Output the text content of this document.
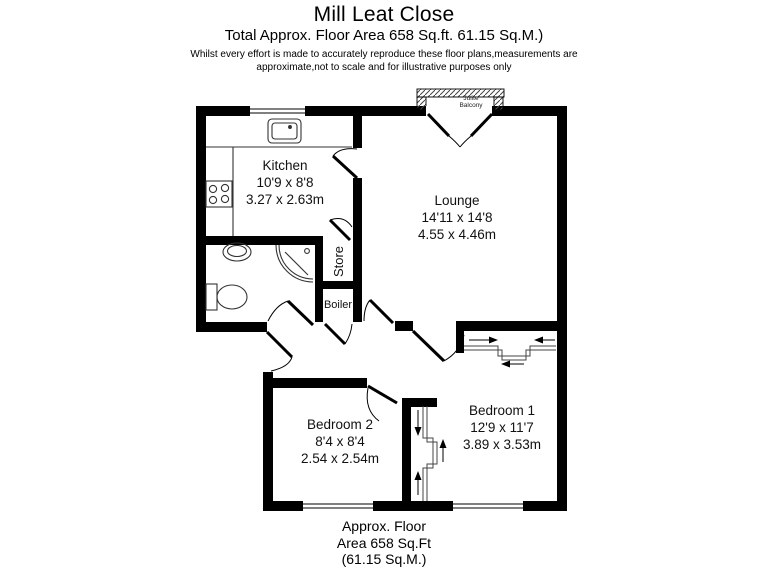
Mill Leat Close
Total Approx. Floor Area 658 Sq.ft. 61.15 Sq.M.)
Whilst every effort is made to accurately reproduce these floor plans,measurements are
approximate,not to scale and for illustrative purposes only
Julite
Balcony
Kitchen
10'9 x 8'8
3.27 x 2.63m	Lounge
14'11 x 14'8
4.55 x 4.46m
Store
Boiler
Bedroom 1
12'9 x 11'7
3.89 x 3.53m
Bedroom 2
8'4 x 8'4
2.54 x 2.54m
Approx. Floor
Area 658 Sq.Ft
(61.15 Sq.M.)
